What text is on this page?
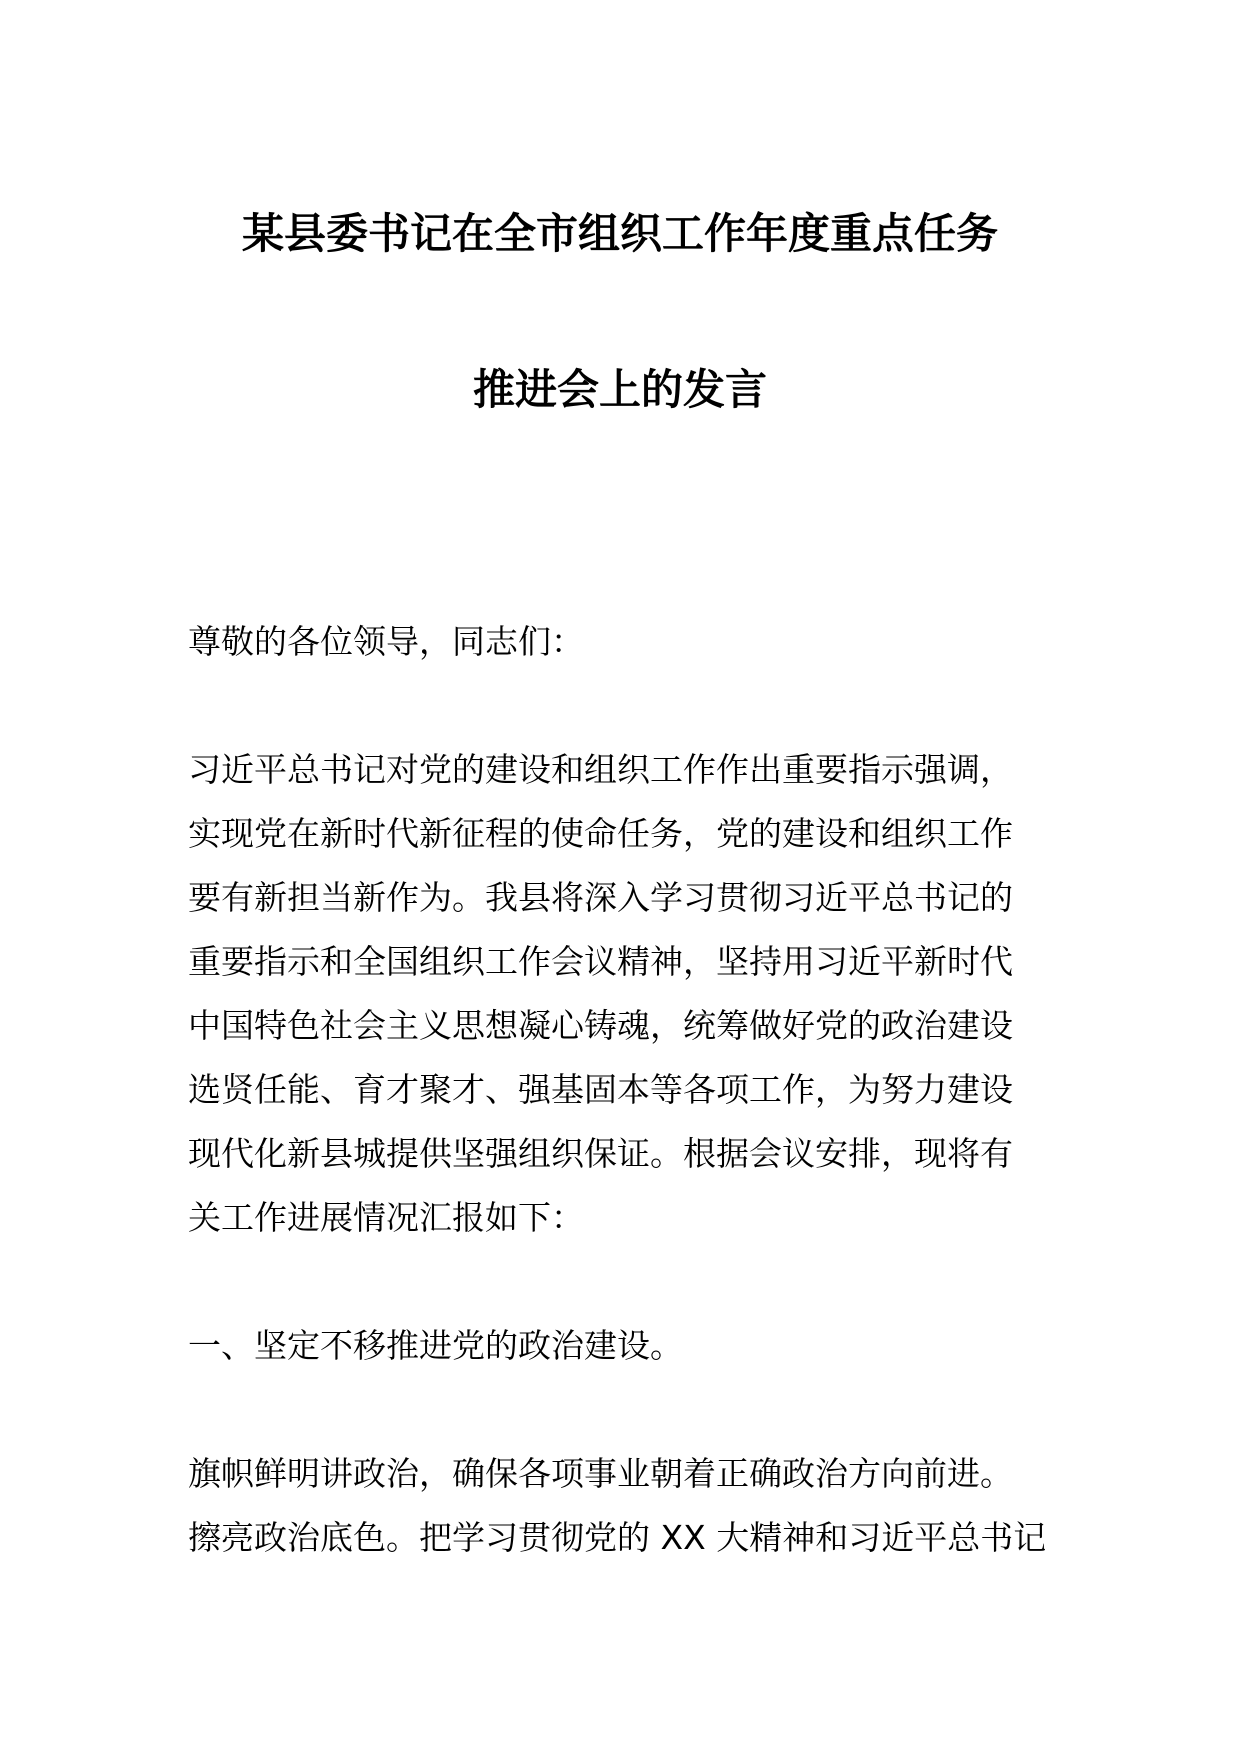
某县委书记在全市组织工作年度重点任务
推进会上的发言
尊敬的各位领导，同志们：
习近平总书记对党的建设和组织工作作出重要指示强调，
实现党在新时代新征程的使命任务，党的建设和组织工作
要有新担当新作为。我县将深入学习贯彻习近平总书记的
重要指示和全国组织工作会议精神，坚持用习近平新时代
中国特色社会主义思想凝心铸魂，统筹做好党的政治建设
选贤任能、育才聚才、强基固本等各项工作，为努力建设
现代化新县城提供坚强组织保证。根据会议安排，现将有
关工作进展情况汇报如下：
一、坚定不移推进党的政治建设。
旗帜鲜明讲政治，确保各项事业朝着正确政治方向前进。
擦亮政治底色。把学习贯彻党的 XX 大精神和习近平总书记
